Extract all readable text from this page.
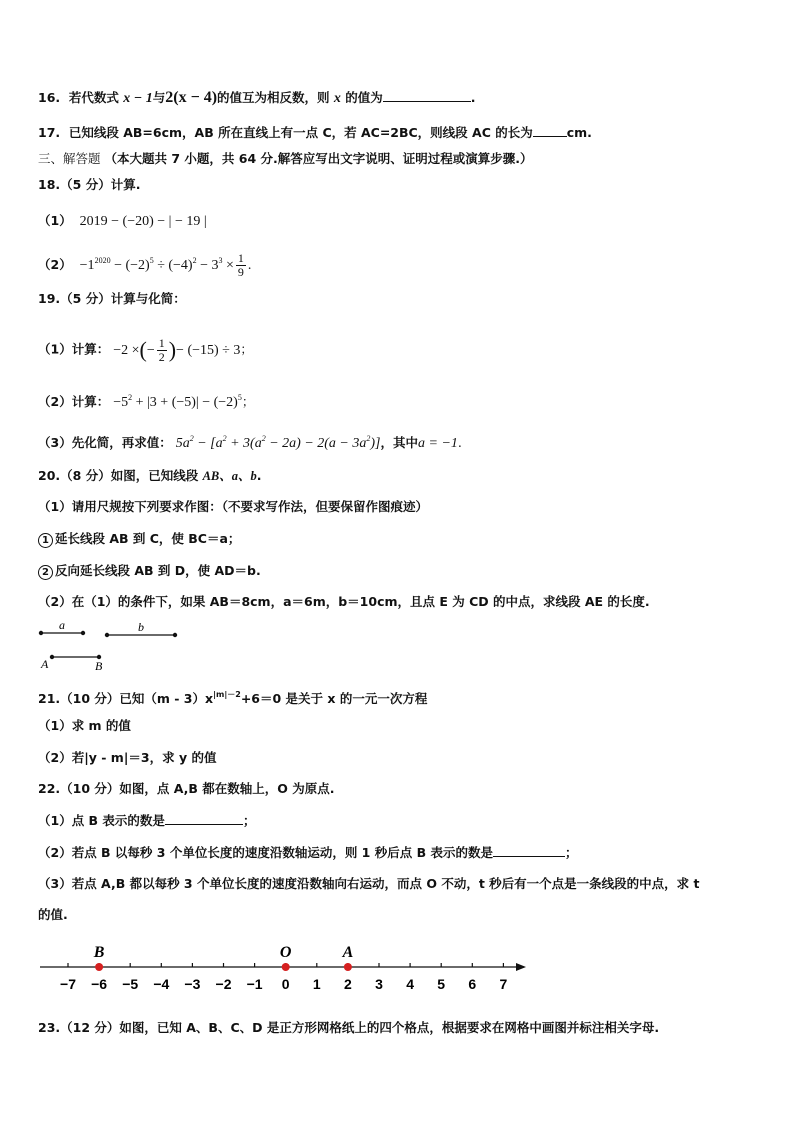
16. 若代数式 x − 1与2(x − 4)的值互为相反数，则 x 的值为	.
17. 已知线段 AB=6cm，AB 所在直线上有一点 C，若 AC=2BC，则线段 AC 的长为	cm.
三、解答题 （本大题共 7 小题，共 64 分.解答应写出文字说明、证明过程或演算步骤.）
18.（5 分）计算.
（1） 2019 − (−20) − | − 19 |
$(2) -1^{2020} - (-2)^5 \div (-4)^2 - 3^3 \times \frac{1}{9}$ .
19.（5 分）计算与化简：
（1）计算： −2 ×(− $\frac{1}{2}$ )− (−15) ÷ 3；
（2）计算： $-5^2 + |3 + (-5)| - (-2)^5$；
（3）先化简，再求值： $5a^2 - [a^2 + 3(a^2 - 2a) - 2(a - 3a^2)]$，其中a = −1.
20.（8 分）如图，已知线段 AB、a、b.
（1）请用尺规按下列要求作图：（不要求写作法，但要保留作图痕迹）
1 延长线段 AB 到 C，使 BC＝a；
2 反向延长线段 AB 到 D，使 AD＝b.
（2）在（1）的条件下，如果 AB＝8cm，a＝6m，b＝10cm，且点 E 为 CD 的中点，求线段 AE 的长度.
a	b
A	B
21.（10 分）已知$(m - 3)x^{|m|-2}+6=0$ 是关于 x 的一元一次方程
（1）求 m 的值
（2）若|y - m|＝3，求 y 的值
22.（10 分）如图，点 A,B 都在数轴上，O 为原点.
（1）点 B 表示的数是	；
（2）若点 B 以每秒 3 个单位长度的速度沿数轴运动，则 1 秒后点 B 表示的数是	；
（3）若点 A,B 都以每秒 3 个单位长度的速度沿数轴向右运动，而点 O 不动，t 秒后有一个点是一条线段的中点，求 t
的值.
−7 −6 −5 −4 −3 −2 −1 0 1 2 3 4 5 6 7
B	O	A
23.（12 分）如图，已知 A、B、C、D 是正方形网格纸上的四个格点，根据要求在网格中画图并标注相关字母.
